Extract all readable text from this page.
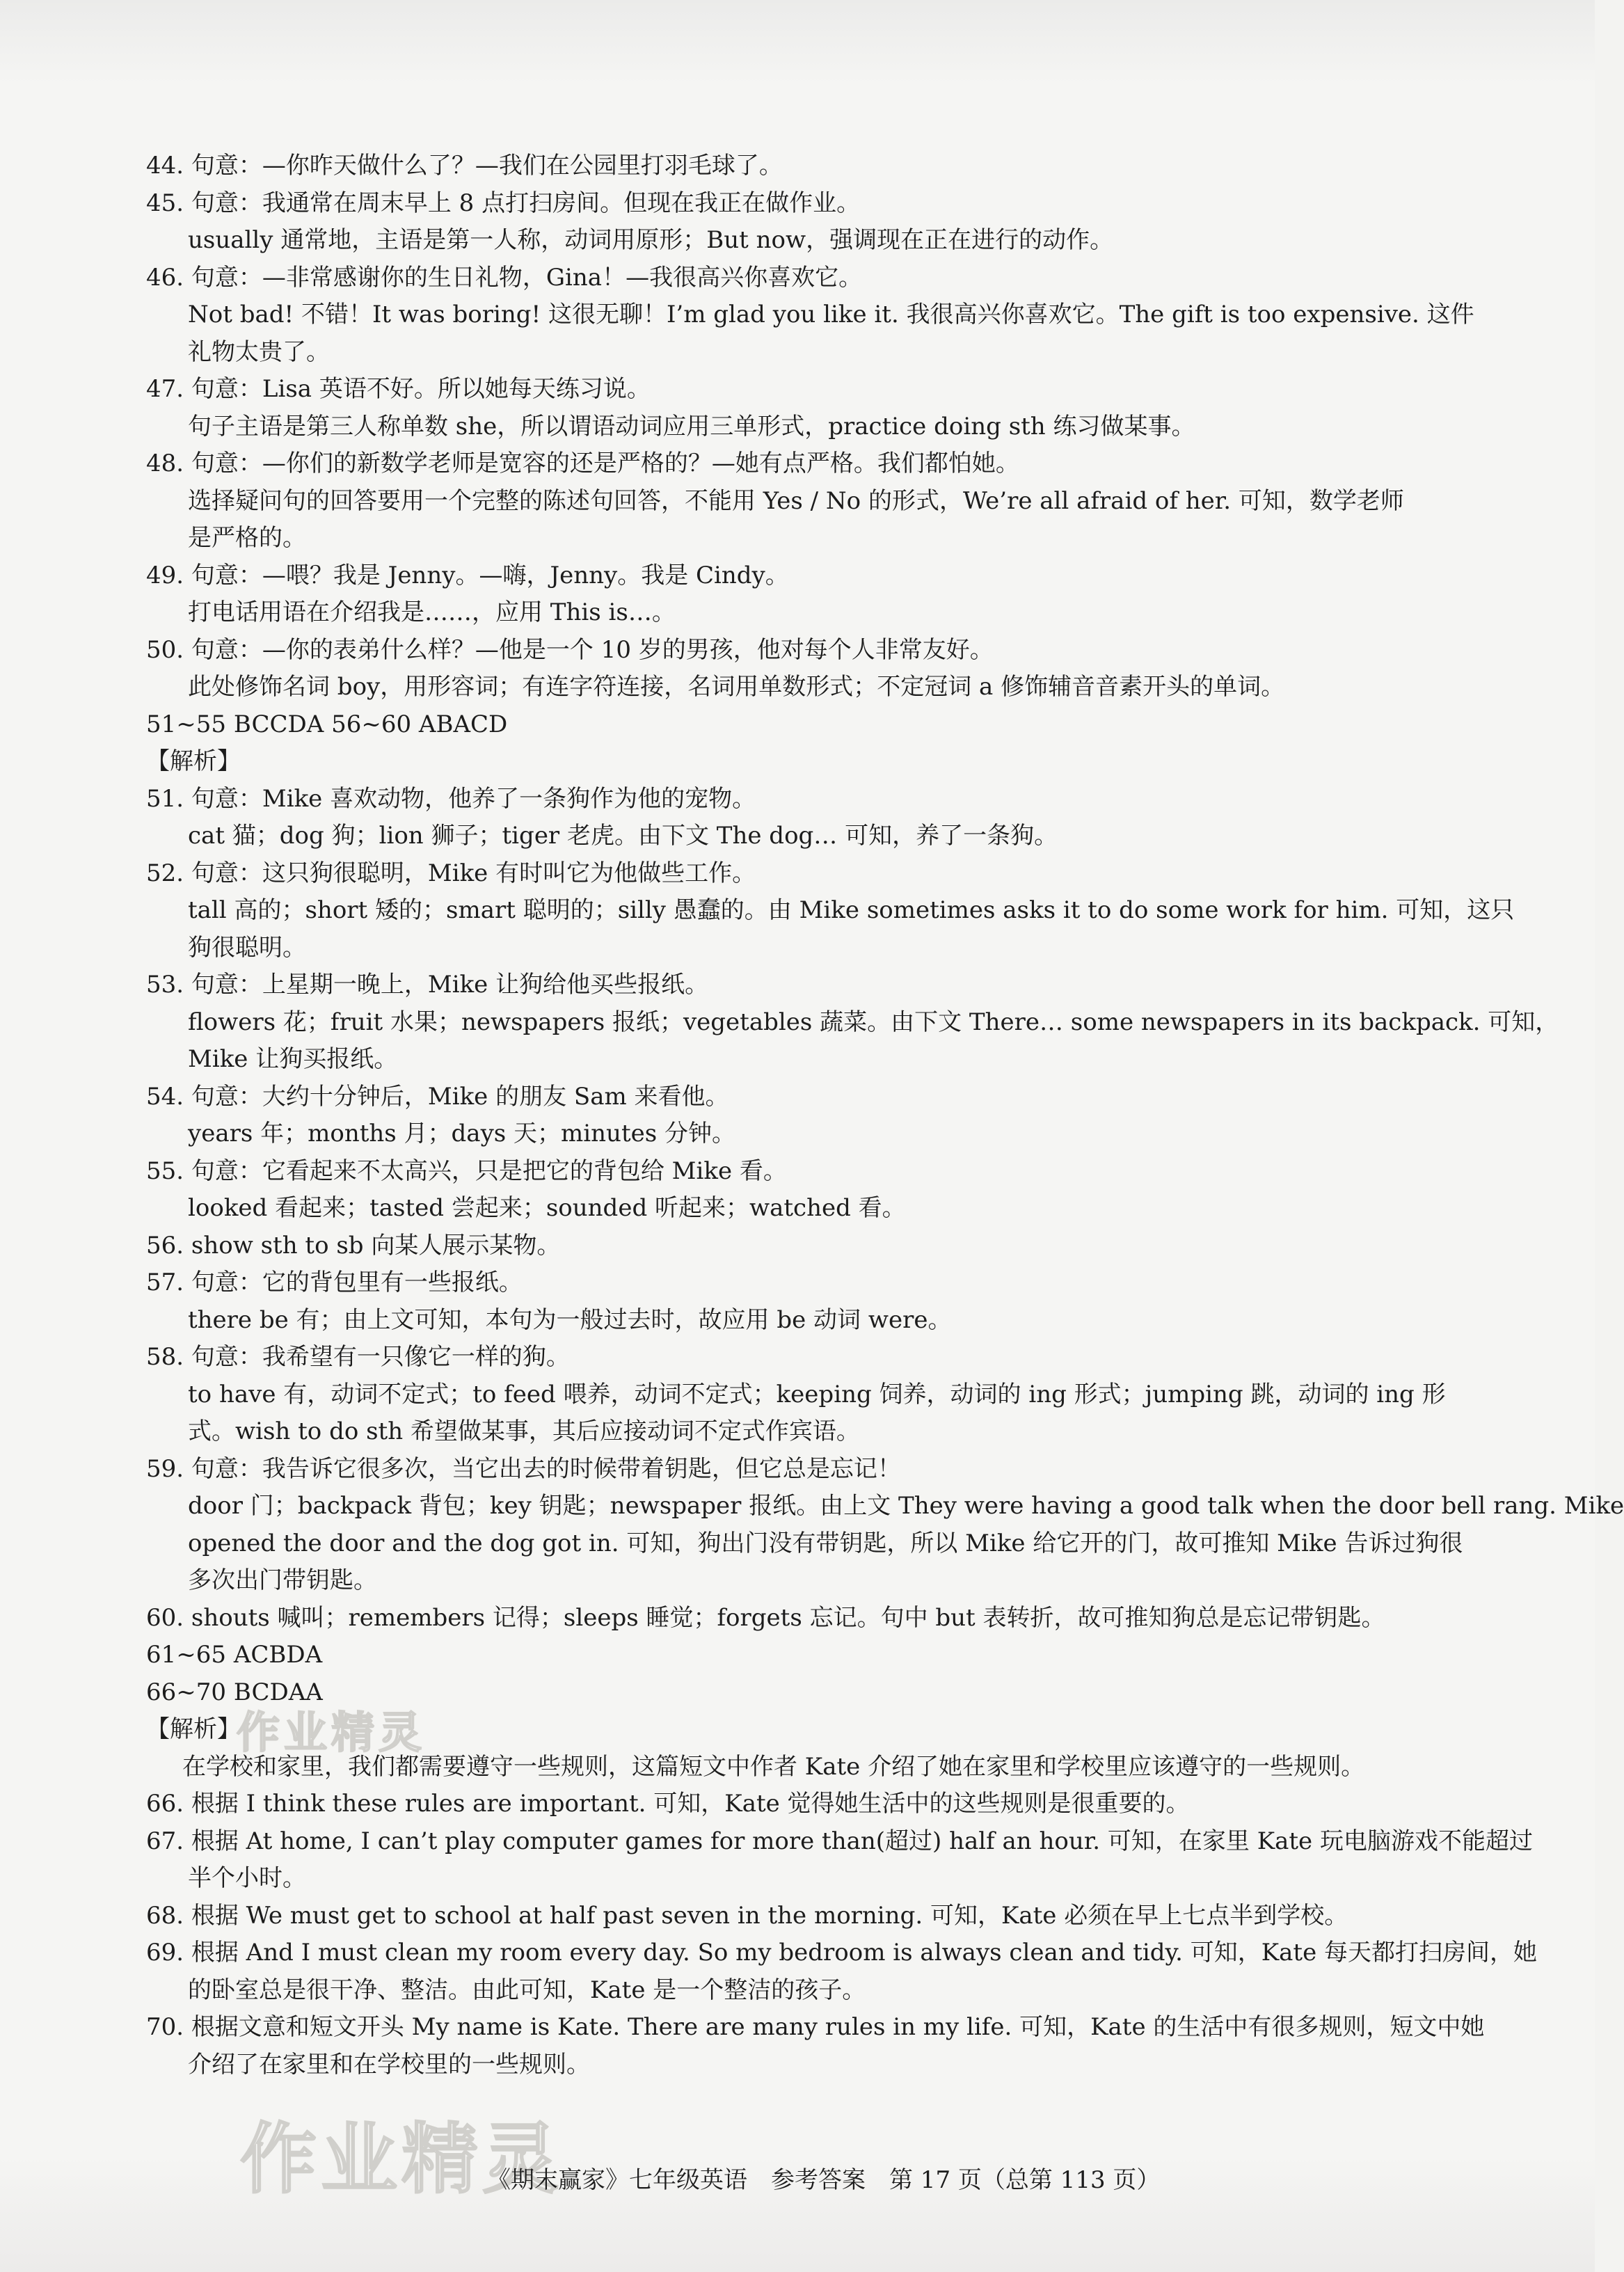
44. 句意：—你昨天做什么了？—我们在公园里打羽毛球了。
45. 句意：我通常在周末早上 8 点打扫房间。但现在我正在做作业。
usually 通常地，主语是第一人称，动词用原形；But now，强调现在正在进行的动作。
46. 句意：—非常感谢你的生日礼物，Gina！—我很高兴你喜欢它。
Not bad! 不错！It was boring! 这很无聊！I’m glad you like it. 我很高兴你喜欢它。The gift is too expensive. 这件
礼物太贵了。
47. 句意：Lisa 英语不好。所以她每天练习说。
句子主语是第三人称单数 she，所以谓语动词应用三单形式，practice doing sth 练习做某事。
48. 句意：—你们的新数学老师是宽容的还是严格的？—她有点严格。我们都怕她。
选择疑问句的回答要用一个完整的陈述句回答，不能用 Yes / No 的形式，We’re all afraid of her. 可知，数学老师
是严格的。
49. 句意：—喂？我是 Jenny。—嗨，Jenny。我是 Cindy。
打电话用语在介绍我是……，应用 This is…。
50. 句意：—你的表弟什么样？—他是一个 10 岁的男孩，他对每个人非常友好。
此处修饰名词 boy，用形容词；有连字符连接，名词用单数形式；不定冠词 a 修饰辅音音素开头的单词。
51~55 BCCDA 56~60 ABACD
【解析】
51. 句意：Mike 喜欢动物，他养了一条狗作为他的宠物。
cat 猫；dog 狗；lion 狮子；tiger 老虎。由下文 The dog… 可知，养了一条狗。
52. 句意：这只狗很聪明，Mike 有时叫它为他做些工作。
tall 高的；short 矮的；smart 聪明的；silly 愚蠢的。由 Mike sometimes asks it to do some work for him. 可知，这只
狗很聪明。
53. 句意：上星期一晚上，Mike 让狗给他买些报纸。
flowers 花；fruit 水果；newspapers 报纸；vegetables 蔬菜。由下文 There… some newspapers in its backpack. 可知，
Mike 让狗买报纸。
54. 句意：大约十分钟后，Mike 的朋友 Sam 来看他。
years 年；months 月；days 天；minutes 分钟。
55. 句意：它看起来不太高兴，只是把它的背包给 Mike 看。
looked 看起来；tasted 尝起来；sounded 听起来；watched 看。
56. show sth to sb 向某人展示某物。
57. 句意：它的背包里有一些报纸。
there be 有；由上文可知，本句为一般过去时，故应用 be 动词 were。
58. 句意：我希望有一只像它一样的狗。
to have 有，动词不定式；to feed 喂养，动词不定式；keeping 饲养，动词的 ing 形式；jumping 跳，动词的 ing 形
式。wish to do sth 希望做某事，其后应接动词不定式作宾语。
59. 句意：我告诉它很多次，当它出去的时候带着钥匙，但它总是忘记！
door 门；backpack 背包；key 钥匙；newspaper 报纸。由上文 They were having a good talk when the door bell rang. Mike
opened the door and the dog got in. 可知，狗出门没有带钥匙，所以 Mike 给它开的门，故可推知 Mike 告诉过狗很
多次出门带钥匙。
60. shouts 喊叫；remembers 记得；sleeps 睡觉；forgets 忘记。句中 but 表转折，故可推知狗总是忘记带钥匙。
61~65 ACBDA
66~70 BCDAA
【解析】
在学校和家里，我们都需要遵守一些规则，这篇短文中作者 Kate 介绍了她在家里和学校里应该遵守的一些规则。
66. 根据 I think these rules are important. 可知，Kate 觉得她生活中的这些规则是很重要的。
67. 根据 At home, I can’t play computer games for more than(超过) half an hour. 可知，在家里 Kate 玩电脑游戏不能超过
半个小时。
68. 根据 We must get to school at half past seven in the morning. 可知，Kate 必须在早上七点半到学校。
69. 根据 And I must clean my room every day. So my bedroom is always clean and tidy. 可知，Kate 每天都打扫房间，她
的卧室总是很干净、整洁。由此可知，Kate 是一个整洁的孩子。
70. 根据文意和短文开头 My name is Kate. There are many rules in my life. 可知，Kate 的生活中有很多规则，短文中她
介绍了在家里和在学校里的一些规则。
作业精灵
作业精灵
《期末赢家》七年级英语　参考答案　第 17 页（总第 113 页）
